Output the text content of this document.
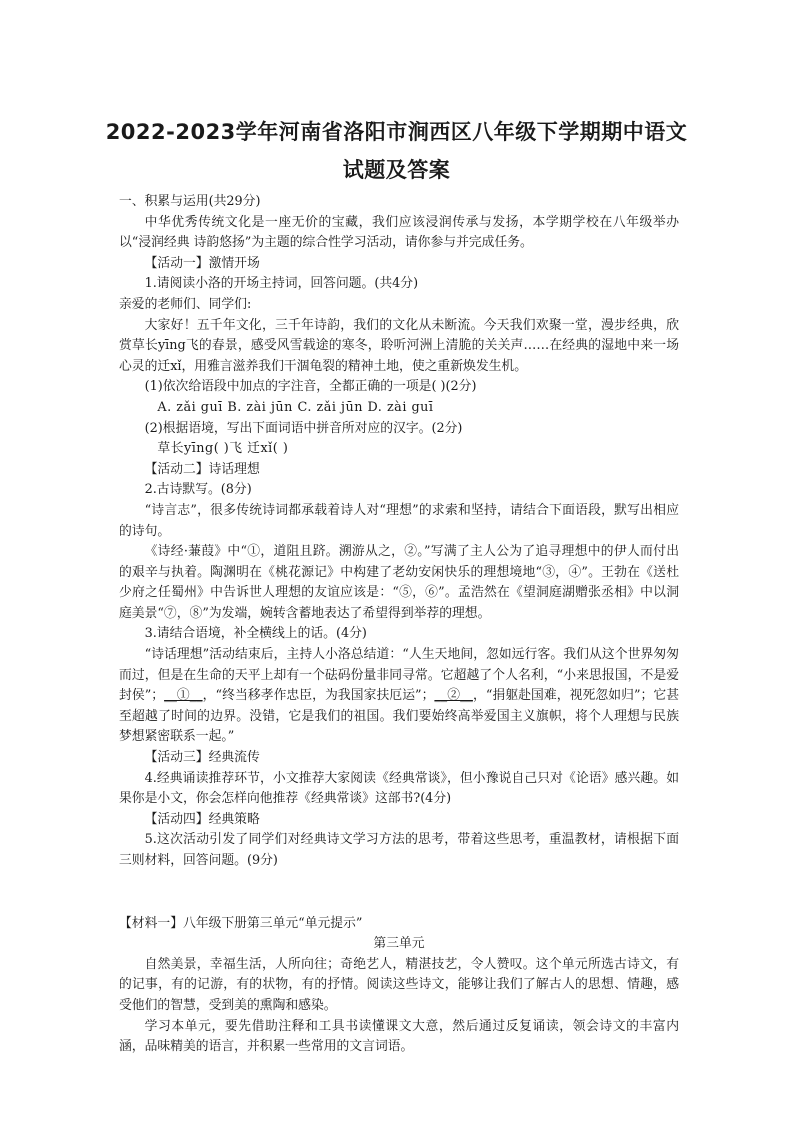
2022-2023学年河南省洛阳市涧西区八年级下学期期中语文
试题及答案

一、积累与运用(共29分)

中华优秀传统文化是一座无价的宝藏，我们应该浸润传承与发扬，本学期学校在八年级举办以“浸润经典 诗韵悠扬”为主题的综合性学习活动，请你参与并完成任务。

【活动一】激情开场

1.请阅读小洛的开场主持词，回答问题。(共4分)

亲爱的老师们、同学们:

大家好！五千年文化，三千年诗韵，我们的文化从未断流。今天我们欢聚一堂，漫步经典，欣赏草长yīng飞的春景，感受风雪载途的寒冬，聆听河洲上清脆的关关声……在经典的湿地中来一场心灵的迁xǐ，用雅言滋养我们干涸龟裂的精神土地，使之重新焕发生机。

(1)依次给语段中加点的字注音，全都正确的一项是( )(2分)

A. zǎi guī B. zài jūn C. zǎi jūn D. zài guī

(2)根据语境，写出下面词语中拼音所对应的汉字。(2分)

草长yīng( )飞 迁xǐ( )

【活动二】诗话理想

2.古诗默写。(8分)

“诗言志”，很多传统诗词都承载着诗人对“理想”的求索和坚持，请结合下面语段，默写出相应的诗句。

《诗经·蒹葭》中“①，道阻且跻。溯游从之，②。”写满了主人公为了追寻理想中的伊人而付出的艰辛与执着。陶渊明在《桃花源记》中构建了老幼安闲快乐的理想境地“③，④”。王勃在《送杜少府之任蜀州》中告诉世人理想的友谊应该是：“⑤，⑥”。孟浩然在《望洞庭湖赠张丞相》中以洞庭美景“⑦，⑧”为发端，婉转含蓄地表达了希望得到举荐的理想。

3.请结合语境，补全横线上的话。(4分)

“诗话理想”活动结束后，主持人小洛总结道：“人生天地间，忽如远行客。我们从这个世界匆匆而过，但是在生命的天平上却有一个砝码份量非同寻常。它超越了个人名利，“小来思报国，不是爱封侯”；__①__，“终当移孝作忠臣，为我国家扶厄运”；__②__，“捐躯赴国难，视死忽如归”；它甚至超越了时间的边界。没错，它是我们的祖国。我们要始终高举爱国主义旗帜，将个人理想与民族梦想紧密联系一起。”

【活动三】经典流传

4.经典诵读推荐环节，小文推荐大家阅读《经典常谈》，但小豫说自己只对《论语》感兴趣。如果你是小文，你会怎样向他推荐《经典常谈》这部书?(4分)

【活动四】经典策略

5.这次活动引发了同学们对经典诗文学习方法的思考，带着这些思考，重温教材，请根据下面三则材料，回答问题。(9分)

【材料一】八年级下册第三单元“单元提示”

第三单元

自然美景，幸福生活，人所向往；奇绝艺人，精湛技艺，令人赞叹。这个单元所选古诗文，有的记事，有的记游，有的状物，有的抒情。阅读这些诗文，能够让我们了解古人的思想、情趣，感受他们的智慧，受到美的熏陶和感染。

学习本单元，要先借助注释和工具书读懂课文大意，然后通过反复诵读，领会诗文的丰富内涵，品味精美的语言，并积累一些常用的文言词语。
